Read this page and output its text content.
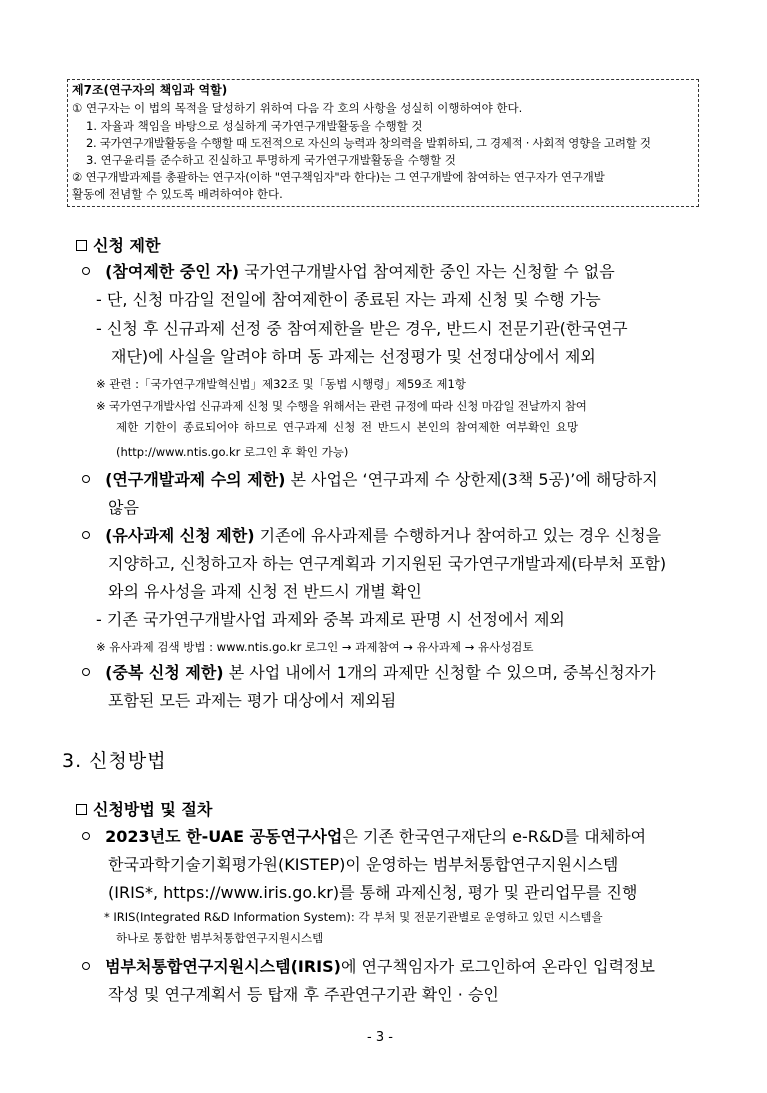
제7조(연구자의 책임과 역할)
① 연구자는 이 법의 목적을 달성하기 위하여 다음 각 호의 사항을 성실히 이행하여야 한다.
1. 자율과 책임을 바탕으로 성실하게 국가연구개발활동을 수행할 것
2. 국가연구개발활동을 수행할 때 도전적으로 자신의 능력과 창의력을 발휘하되, 그 경제적 · 사회적 영향을 고려할 것
3. 연구윤리를 준수하고 진실하고 투명하게 국가연구개발활동을 수행할 것
② 연구개발과제를 총괄하는 연구자(이하 "연구책임자"라 한다)는 그 연구개발에 참여하는 연구자가 연구개발
활동에 전념할 수 있도록 배려하여야 한다.
신청 제한
(참여제한 중인 자) 국가연구개발사업 참여제한 중인 자는 신청할 수 없음
- 단, 신청 마감일 전일에 참여제한이 종료된 자는 과제 신청 및 수행 가능
- 신청 후 신규과제 선정 중 참여제한을 받은 경우, 반드시 전문기관(한국연구
재단)에 사실을 알려야 하며 동 과제는 선정평가 및 선정대상에서 제외
※ 관련 :「국가연구개발혁신법」제32조 및「동법 시행령」제59조 제1항
※ 국가연구개발사업 신규과제 신청 및 수행을 위해서는 관련 규정에 따라 신청 마감일 전날까지 참여
제한 기한이 종료되어야 하므로 연구과제 신청 전 반드시 본인의 참여제한 여부확인 요망
(http://www.ntis.go.kr 로그인 후 확인 가능)
(연구개발과제 수의 제한) 본 사업은 ‘연구과제 수 상한제(3책 5공)’에 해당하지
않음
(유사과제 신청 제한) 기존에 유사과제를 수행하거나 참여하고 있는 경우 신청을
지양하고, 신청하고자 하는 연구계획과 기지원된 국가연구개발과제(타부처 포함)
와의 유사성을 과제 신청 전 반드시 개별 확인
- 기존 국가연구개발사업 과제와 중복 과제로 판명 시 선정에서 제외
※ 유사과제 검색 방법 : www.ntis.go.kr 로그인 → 과제참여 → 유사과제 → 유사성검토
(중복 신청 제한) 본 사업 내에서 1개의 과제만 신청할 수 있으며, 중복신청자가
포함된 모든 과제는 평가 대상에서 제외됨
3. 신청방법
신청방법 및 절차
2023년도 한-UAE 공동연구사업은 기존 한국연구재단의 e-R&D를 대체하여
한국과학기술기획평가원(KISTEP)이 운영하는 범부처통합연구지원시스템
(IRIS*, https://www.iris.go.kr)를 통해 과제신청, 평가 및 관리업무를 진행
* IRIS(Integrated R&D Information System): 각 부처 및 전문기관별로 운영하고 있던 시스템을
하나로 통합한 범부처통합연구지원시스템
범부처통합연구지원시스템(IRIS)에 연구책임자가 로그인하여 온라인 입력정보
작성 및 연구계획서 등 탑재 후 주관연구기관 확인 · 승인
- 3 -
